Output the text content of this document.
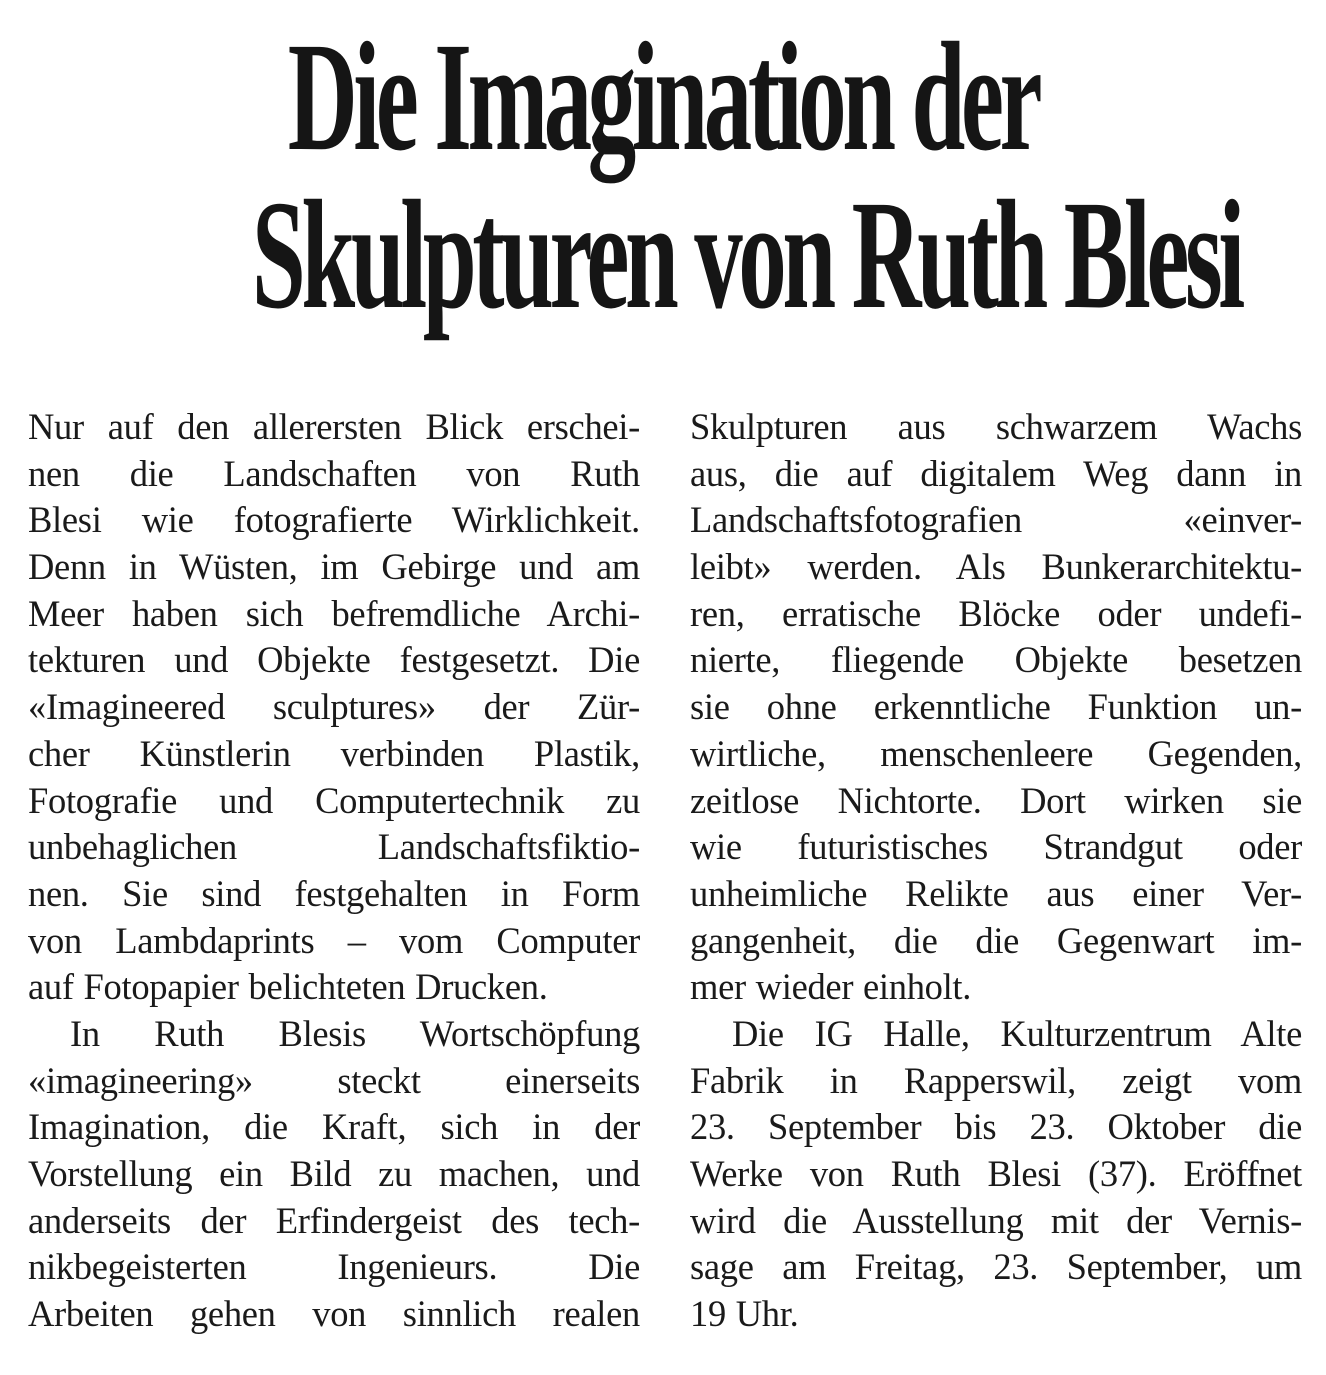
Die Imagination der
Skulpturen von Ruth Blesi
Nur auf den allerersten Blick erschei-
nen die Landschaften von Ruth
Blesi wie fotografierte Wirklichkeit.
Denn in Wüsten, im Gebirge und am
Meer haben sich befremdliche Archi-
tekturen und Objekte festgesetzt. Die
«Imagineered sculptures» der Zür-
cher Künstlerin verbinden Plastik,
Fotografie und Computertechnik zu
unbehaglichen Landschaftsfiktio-
nen. Sie sind festgehalten in Form
von Lambdaprints – vom Computer
auf Fotopapier belichteten Drucken.
In Ruth Blesis Wortschöpfung
«imagineering» steckt einerseits
Imagination, die Kraft, sich in der
Vorstellung ein Bild zu machen, und
anderseits der Erfindergeist des tech-
nikbegeisterten Ingenieurs. Die
Arbeiten gehen von sinnlich realen
Skulpturen aus schwarzem Wachs
aus, die auf digitalem Weg dann in
Landschaftsfotografien «einver-
leibt» werden. Als Bunkerarchitektu-
ren, erratische Blöcke oder undefi-
nierte, fliegende Objekte besetzen
sie ohne erkenntliche Funktion un-
wirtliche, menschenleere Gegenden,
zeitlose Nichtorte. Dort wirken sie
wie futuristisches Strandgut oder
unheimliche Relikte aus einer Ver-
gangenheit, die die Gegenwart im-
mer wieder einholt.
Die IG Halle, Kulturzentrum Alte
Fabrik in Rapperswil, zeigt vom
23. September bis 23. Oktober die
Werke von Ruth Blesi (37). Eröffnet
wird die Ausstellung mit der Vernis-
sage am Freitag, 23. September, um
19 Uhr.
